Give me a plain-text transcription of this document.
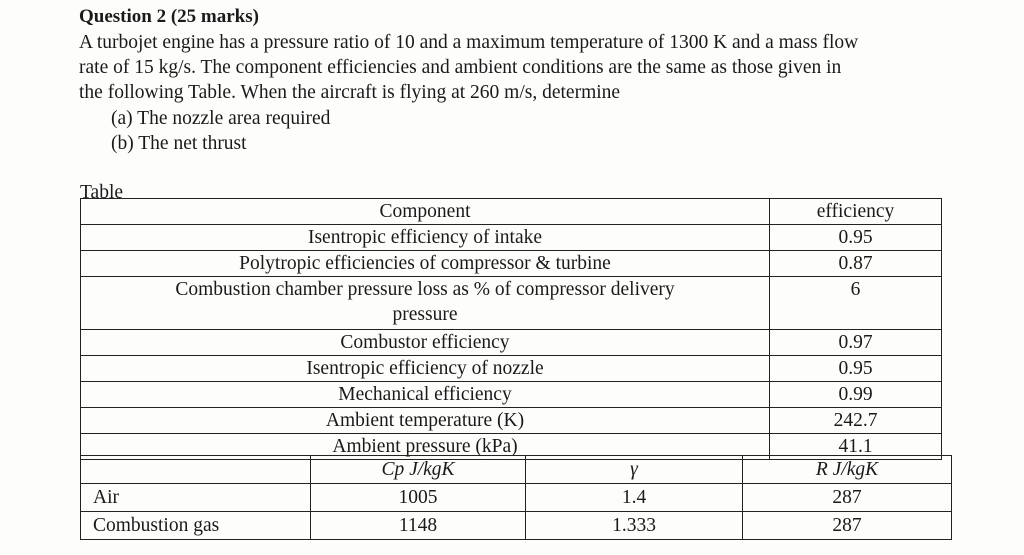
Question 2 (25 marks)
A turbojet engine has a pressure ratio of 10 and a maximum temperature of 1300 K and a mass flow
rate of 15 kg/s. The component efficiencies and ambient conditions are the same as those given in
the following Table. When the aircraft is flying at 260 m/s, determine
(a) The nozzle area required
(b) The net thrust
Table
Component	efficiency
Isentropic efficiency of intake	0.95
Polytropic efficiencies of compressor & turbine	0.87

Combustion chamber pressure loss as % of compressor delivery
pressure	6
Combustor efficiency	0.97
Isentropic efficiency of nozzle	0.95
Mechanical efficiency	0.99
Ambient temperature (K)	242.7
Ambient pressure (kPa)	41.1
	Cp J/kgK	γ	R J/kgK
Air	1005	1.4	287
Combustion gas	1148	1.333	287
